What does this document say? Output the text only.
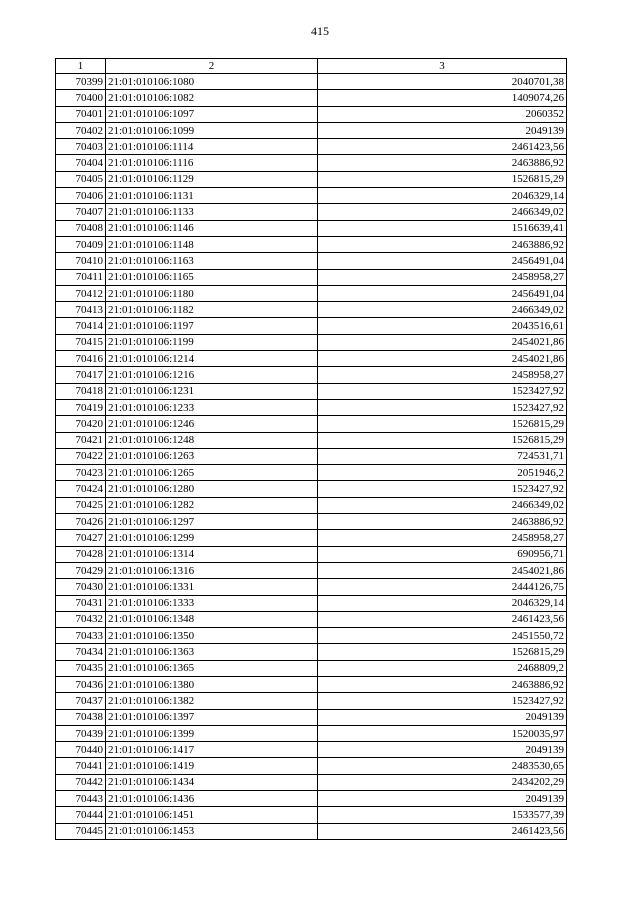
415
1	2	3
70399	21:01:010106:1080	2040701,38
70400	21:01:010106:1082	1409074,26
70401	21:01:010106:1097	2060352
70402	21:01:010106:1099	2049139
70403	21:01:010106:1114	2461423,56
70404	21:01:010106:1116	2463886,92
70405	21:01:010106:1129	1526815,29
70406	21:01:010106:1131	2046329,14
70407	21:01:010106:1133	2466349,02
70408	21:01:010106:1146	1516639,41
70409	21:01:010106:1148	2463886,92
70410	21:01:010106:1163	2456491,04
70411	21:01:010106:1165	2458958,27
70412	21:01:010106:1180	2456491,04
70413	21:01:010106:1182	2466349,02
70414	21:01:010106:1197	2043516,61
70415	21:01:010106:1199	2454021,86
70416	21:01:010106:1214	2454021,86
70417	21:01:010106:1216	2458958,27
70418	21:01:010106:1231	1523427,92
70419	21:01:010106:1233	1523427,92
70420	21:01:010106:1246	1526815,29
70421	21:01:010106:1248	1526815,29
70422	21:01:010106:1263	724531,71
70423	21:01:010106:1265	2051946,2
70424	21:01:010106:1280	1523427,92
70425	21:01:010106:1282	2466349,02
70426	21:01:010106:1297	2463886,92
70427	21:01:010106:1299	2458958,27
70428	21:01:010106:1314	690956,71
70429	21:01:010106:1316	2454021,86
70430	21:01:010106:1331	2444126,75
70431	21:01:010106:1333	2046329,14
70432	21:01:010106:1348	2461423,56
70433	21:01:010106:1350	2451550,72
70434	21:01:010106:1363	1526815,29
70435	21:01:010106:1365	2468809,2
70436	21:01:010106:1380	2463886,92
70437	21:01:010106:1382	1523427,92
70438	21:01:010106:1397	2049139
70439	21:01:010106:1399	1520035,97
70440	21:01:010106:1417	2049139
70441	21:01:010106:1419	2483530,65
70442	21:01:010106:1434	2434202,29
70443	21:01:010106:1436	2049139
70444	21:01:010106:1451	1533577,39
70445	21:01:010106:1453	2461423,56
